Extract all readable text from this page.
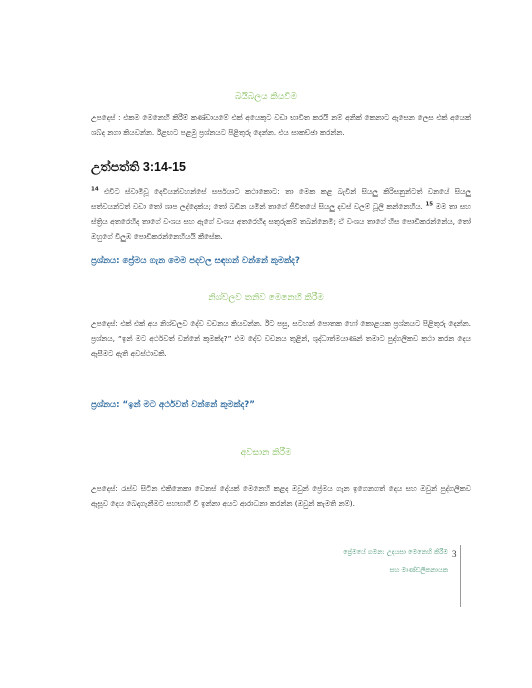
බයිබලය කියවීම
උපදෙස් : එකම මෙනෙහි කිරීම් කණ්ඩායමේ එක් අයෙකුට වඩා භාවිත කරයි නම් අනික් කෙනාට ඇසෙන ලෙස එක් අයෙක් ශබ්ද නගා කියවන්න. ඊළඟට පළමු ප්‍රශ්නයට පිළිතුරු දෙන්න. එය සාකච්ඡා කරන්න.
උත්පත්ති 3:14-15
$^{14}$ එවිට ස්වාමිවූ දෙවියන්වහන්සේ සර්පයාට කථාකොට: තා මෙක කළ බැවින් සියලු කිරිසනුන්ටත් වනයේ සියලු සත්වයන්ටත් වඩා තෝ ශාප ලද්දෙක්ය; තෝ බඩින යමින් තාගේ ජීවිතයේ සියලු දවස් වලම් ධූලි කන්නෙහිය. $^{15}$ මම තා සහ ස්ත්‍රිය අතරෙහිද තාගේ වංශය සහ ඇගේ වංශය අතරෙහිද සතුරුකම් තබන්නෙමි; ඒ වංශය තාගේ හිස පොඩිකරන්නේය, තෝ ඔහුගේ විලුඹ පොඩිකරන්නෙහියයි කීසේක.
ප්‍රශ්නය: ප්‍රේමය ගැන මෙම පදවල සඳහන් වන්නේ කුමක්ද?
නිශ්චලව තනිව මෙනෙහි කිරීම
උපදෙස්: එක් එක් අය නිශ්චලව දේව වචනය කියවන්න. ඊට පසු, සටහන් පොතක හෝ කොළයක ප්‍රශ්නයට පිළිතුරු දෙන්න. ප්‍රශ්නය, “ඉන් මට අර්ථවත් වන්නේ කුමක්ද?” එම දේව වචනය තුළින්, ශුද්ධාත්මයාණන් තමාට පුද්ගලිකව කථා කරන දෙය ඇසීමට ඇති අවස්ථාවකි.
ප්‍රශ්නය: “ඉන් මට අර්ථවත් වන්නේ කුමක්ද?”
අවසාන කිරීම
උපදෙස්: රැස්ව සිටින එකිනෙකා වෙනස් දේයක් මෙනෙහි කළද ඔවුන් ප්‍රේමය ගැන ඉගෙනගත් දෙය සහ ඔවුන් පුද්ගලිකව ඇසූව දෙය බෙදාගැනීමට සහභාගී වී ඉන්නා අයට ආරාධනා කරන්න (ඔවුන් කැමති නම්).
ප්‍රේමයේ ගමන: උදයසා මෙනෙහි කිරීම
සහ මාණ්ඩලිකනායක
3
